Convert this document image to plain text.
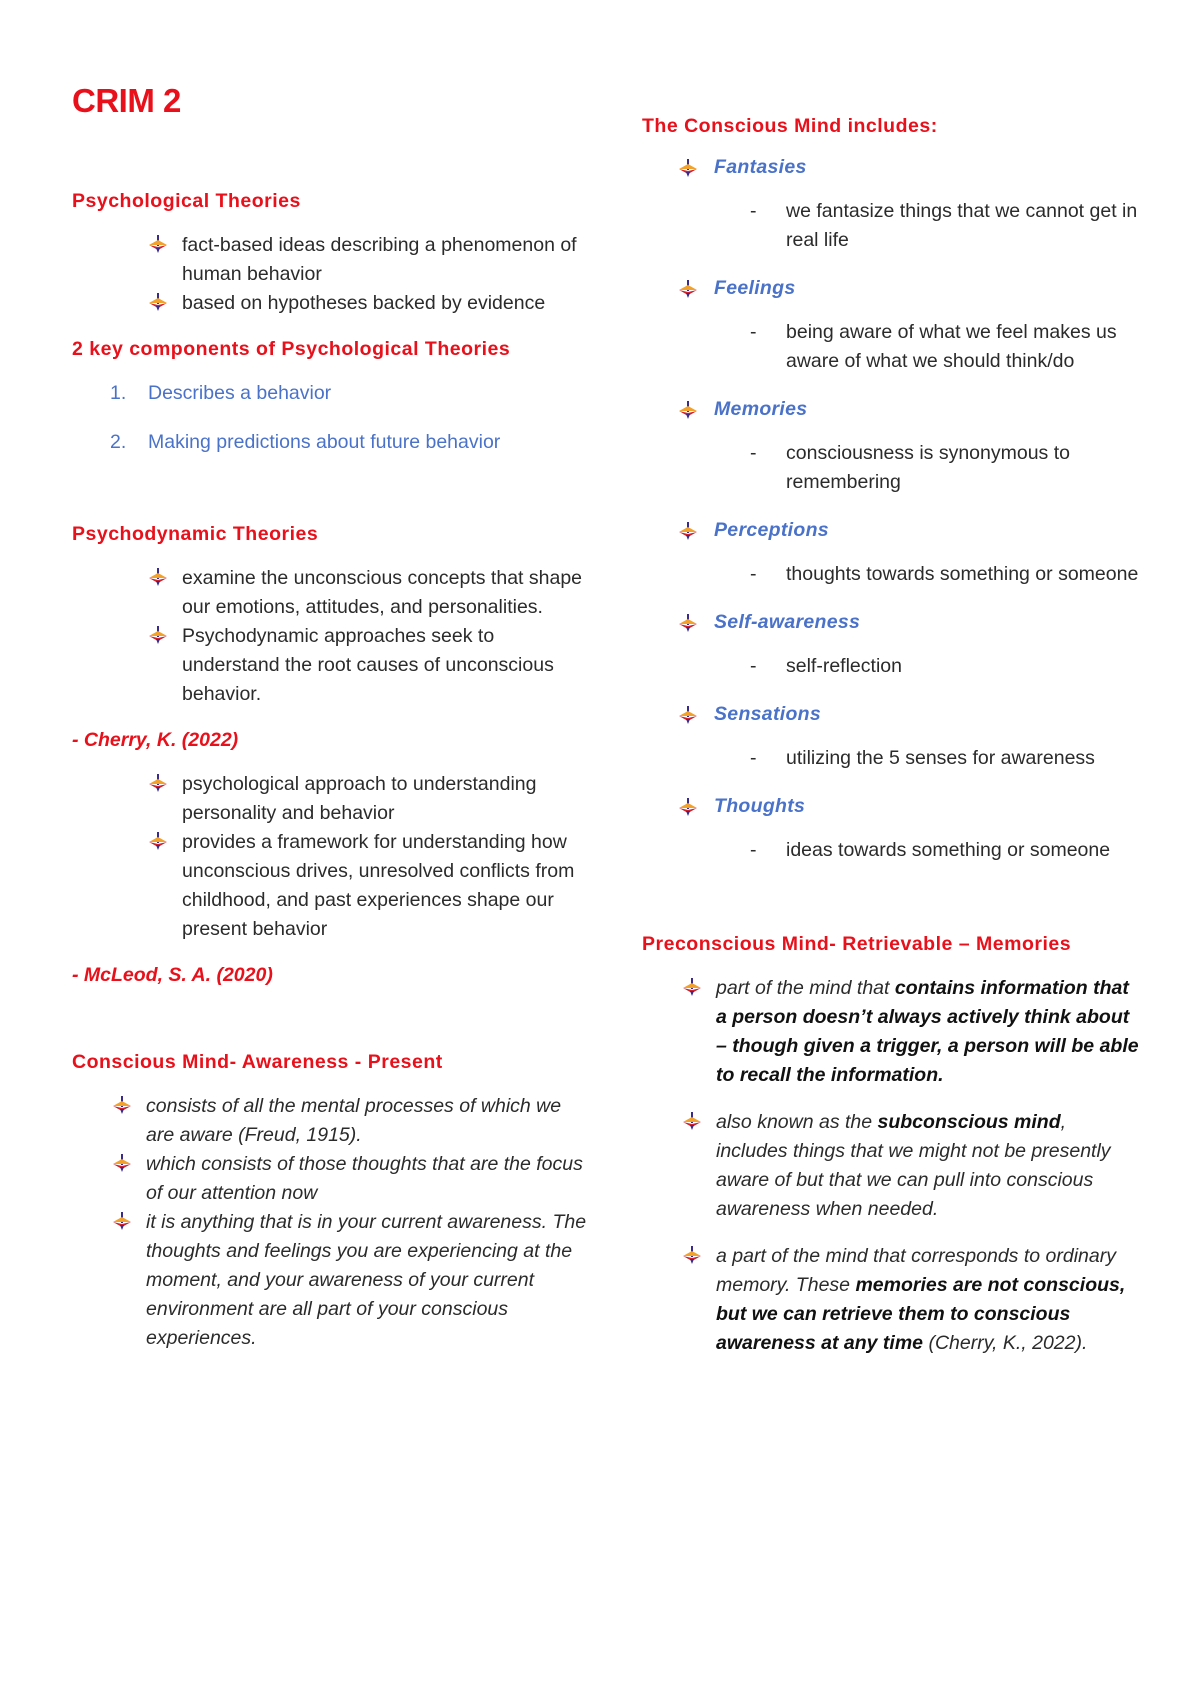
CRIM 2
Psychological Theories
fact-based ideas describing a phenomenon of human behavior
based on hypotheses backed by evidence
2 key components of Psychological Theories
1.	Describes a behavior
2.	Making predictions about future behavior
Psychodynamic Theories
examine the unconscious concepts that shape our emotions, attitudes, and personalities.
Psychodynamic approaches seek to understand the root causes of unconscious behavior.
- Cherry, K. (2022)
psychological approach to understanding personality and behavior
provides a framework for understanding how unconscious drives, unresolved conflicts from childhood, and past experiences shape our present behavior
- McLeod, S. A. (2020)
Conscious Mind- Awareness - Present
consists of all the mental processes of which we are aware (Freud, 1915).
which consists of those thoughts that are the focus of our attention now
it is anything that is in your current awareness. The thoughts and feelings you are experiencing at the moment, and your awareness of your current environment are all part of your conscious experiences.
The Conscious Mind includes:
Fantasies
- we fantasize things that we cannot get in real life
Feelings
- being aware of what we feel makes us aware of what we should think/do
Memories
- consciousness is synonymous to remembering
Perceptions
- thoughts towards something or someone
Self-awareness
- self-reflection
Sensations
- utilizing the 5 senses for awareness
Thoughts
- ideas towards something or someone
Preconscious Mind- Retrievable – Memories
part of the mind that contains information that a person doesn’t always actively think about – though given a trigger, a person will be able to recall the information.
also known as the subconscious mind, includes things that we might not be presently aware of but that we can pull into conscious awareness when needed.
a part of the mind that corresponds to ordinary memory. These memories are not conscious, but we can retrieve them to conscious awareness at any time (Cherry, K., 2022).
